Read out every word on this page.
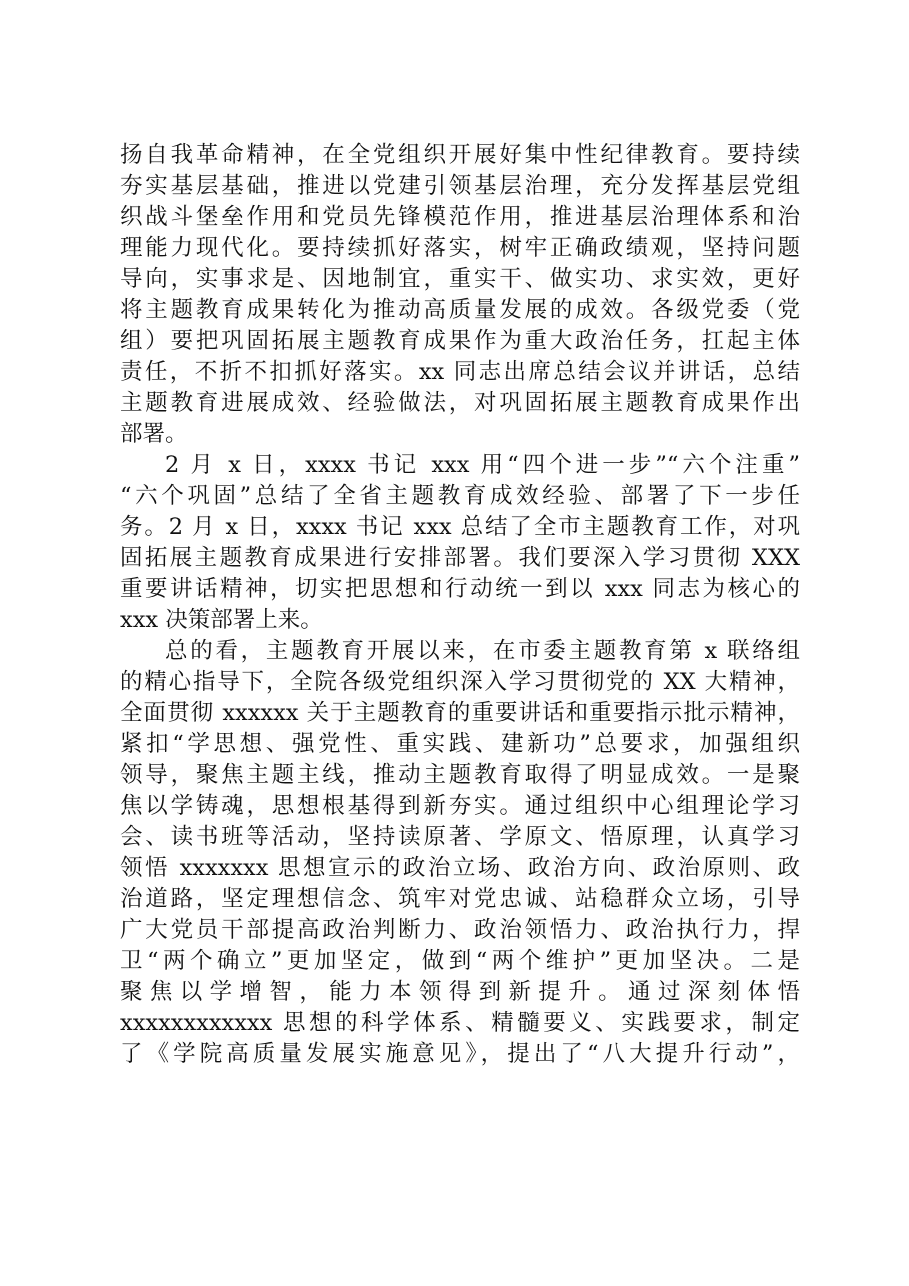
扬自我革命精神，在全党组织开展好集中性纪律教育。要持续
夯实基层基础，推进以党建引领基层治理，充分发挥基层党组
织战斗堡垒作用和党员先锋模范作用，推进基层治理体系和治
理能力现代化。要持续抓好落实，树牢正确政绩观，坚持问题
导向，实事求是、因地制宜，重实干、做实功、求实效，更好
将主题教育成果转化为推动高质量发展的成效。各级党委（党
组）要把巩固拓展主题教育成果作为重大政治任务，扛起主体
责任，不折不扣抓好落实。xx 同志出席总结会议并讲话，总结
主题教育进展成效、经验做法，对巩固拓展主题教育成果作出
部署。
2 月 x 日，xxxx 书记 xxx 用“四个进一步”“六个注重”
“六个巩固”总结了全省主题教育成效经验、部署了下一步任
务。2 月 x 日，xxxx 书记 xxx 总结了全市主题教育工作，对巩
固拓展主题教育成果进行安排部署。我们要深入学习贯彻 XXX
重要讲话精神，切实把思想和行动统一到以 xxx 同志为核心的
xxx 决策部署上来。
总的看，主题教育开展以来，在市委主题教育第 x 联络组
的精心指导下，全院各级党组织深入学习贯彻党的 XX 大精神，
全面贯彻 xxxxxx 关于主题教育的重要讲话和重要指示批示精神，
紧扣“学思想、强党性、重实践、建新功”总要求，加强组织
领导，聚焦主题主线，推动主题教育取得了明显成效。一是聚
焦以学铸魂，思想根基得到新夯实。通过组织中心组理论学习
会、读书班等活动，坚持读原著、学原文、悟原理，认真学习
领悟 xxxxxxx 思想宣示的政治立场、政治方向、政治原则、政
治道路，坚定理想信念、筑牢对党忠诚、站稳群众立场，引导
广大党员干部提高政治判断力、政治领悟力、政治执行力，捍
卫“两个确立”更加坚定，做到“两个维护”更加坚决。二是
聚焦以学增智，能力本领得到新提升。通过深刻体悟
xxxxxxxxxxxx 思想的科学体系、精髓要义、实践要求，制定
了《学院高质量发展实施意见》，提出了“八大提升行动”，
